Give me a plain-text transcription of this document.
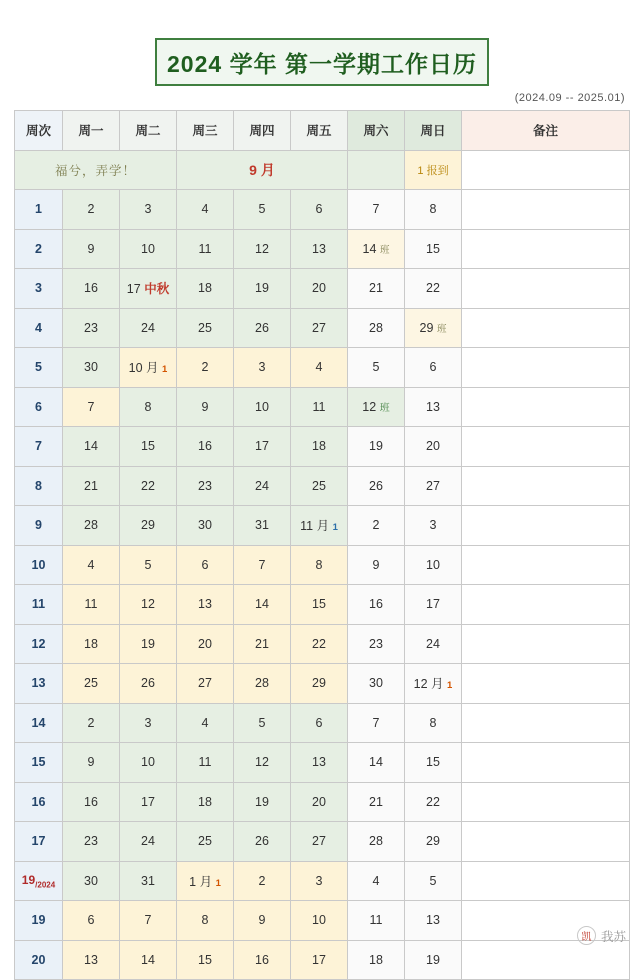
2024 学年 第一学期工作日历
(2024.09 -- 2025.01)
周次	周一	周二	周三	周四	周五	周六	周日	备注
福兮，弄学！			9 月				1 报到	
1	2	3	4	5	6	7	8	
2	9	10	11	12	13	14 班	15	
3	16	17 中秋	18	19	20	21	22	
4	23	24	25	26	27	28	29 班	
5	30	10 月 1	2	3	4	5	6	
6	7	8	9	10	11	12 班	13	
7	14	15	16	17	18	19	20	
8	21	22	23	24	25	26	27	
9	28	29	30	31	11 月 1	2	3	
10	4	5	6	7	8	9	10	
11	11	12	13	14	15	16	17	
12	18	19	20	21	22	23	24	
13	25	26	27	28	29	30	12 月 1	
14	2	3	4	5	6	7	8	
15	9	10	11	12	13	14	15	
16	16	17	18	19	20	21	22	
17	23	24	25	26	27	28	29	
$19_{/2024}$	30	31	1 月 1	2	3	4	5	
19	6	7	8	9	10	11	13	
20	13	14	15	16	17	18	19	
凯 我苏
